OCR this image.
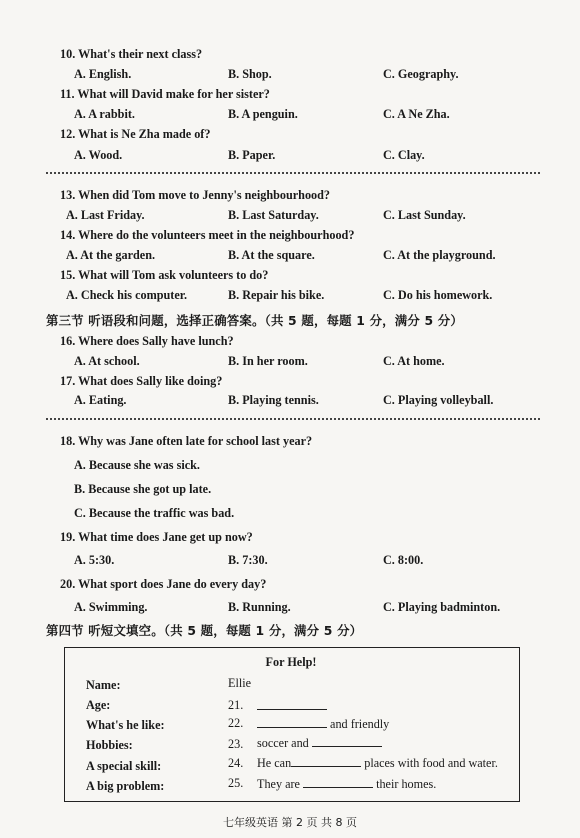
10. What's their next class?
A. English.	B. Shop.	C. Geography.
11. What will David make for her sister?
A. A rabbit.	B. A penguin.	C. A Ne Zha.
12. What is Ne Zha made of?
A. Wood.	B. Paper.	C. Clay.
13. When did Tom move to Jenny's neighbourhood?
A. Last Friday.	B. Last Saturday.	C. Last Sunday.
14. Where do the volunteers meet in the neighbourhood?
A. At the garden.	B. At the square.	C. At the playground.
15. What will Tom ask volunteers to do?
A. Check his computer.	B. Repair his bike.	C. Do his homework.
第三节 听语段和问题，选择正确答案。（共 5 题，每题 1 分，满分 5 分）
16. Where does Sally have lunch?
A. At school.	B. In her room.	C. At home.
17. What does Sally like doing?
A. Eating.	B. Playing tennis.	C. Playing volleyball.
18. Why was Jane often late for school last year?
A. Because she was sick.
B. Because she got up late.
C. Because the traffic was bad.
19. What time does Jane get up now?
A. 5:30.	B. 7:30.	C. 8:00.
20. What sport does Jane do every day?
A. Swimming.	B. Running.	C. Playing badminton.
第四节 听短文填空。（共 5 题，每题 1 分，满分 5 分）
For Help!
Name:	Ellie
Age:	21.
What's he like:	22.	and friendly
Hobbies:	23. soccer and
A special skill:	24. He can	places with food and water.
A big problem:	25. They are	their homes.
七年级英语 第 2 页 共 8 页
